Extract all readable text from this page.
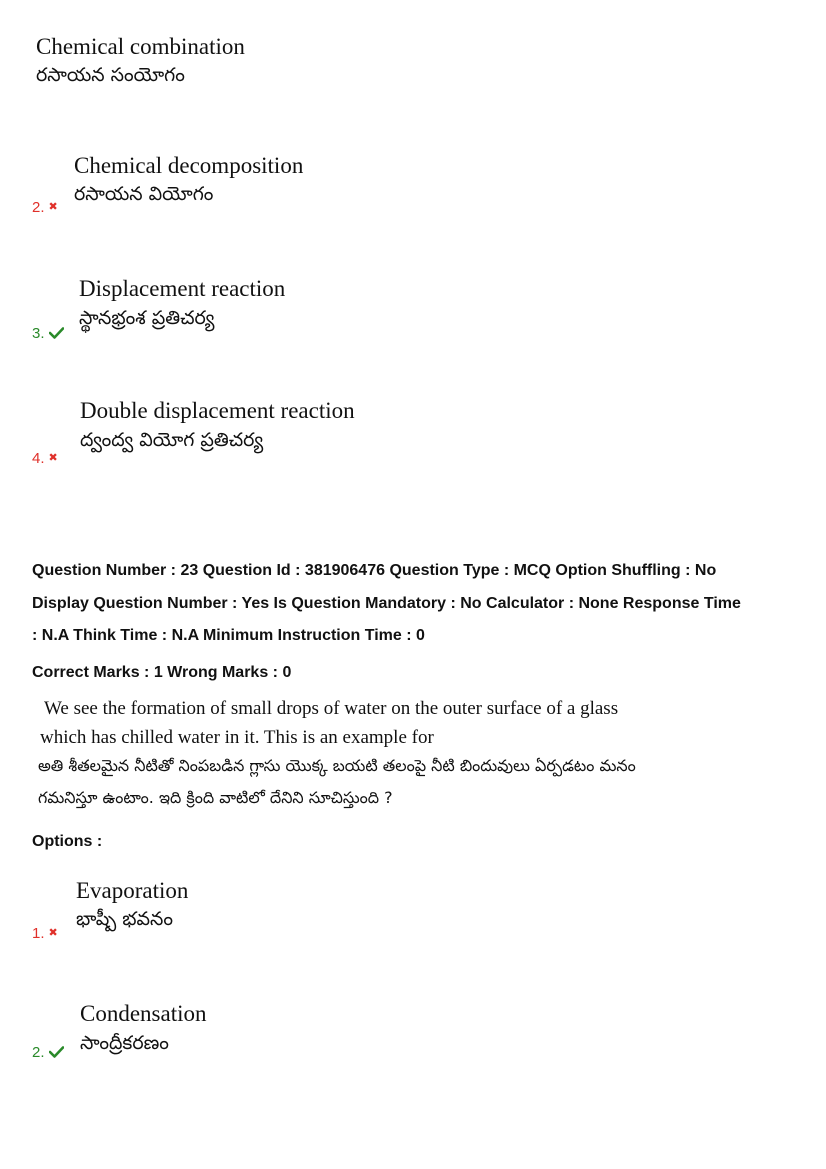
Chemical combination
రసాయన సంయోగం
2. ✖
Chemical decomposition
రసాయన వియోగం
3.
Displacement reaction
స్థానభ్రంశ ప్రతిచర్య
4. ✖
Double displacement reaction
ద్వంద్వ వియోగ ప్రతిచర్య
Question Number : 23 Question Id : 381906476 Question Type : MCQ Option Shuffling : No
Display Question Number : Yes Is Question Mandatory : No Calculator : None Response Time
: N.A Think Time : N.A Minimum Instruction Time : 0
Correct Marks : 1 Wrong Marks : 0
We see the formation of small drops of water on the outer surface of a glass
which has chilled water in it. This is an example for
అతి శీతలమైన నీటితో నింపబడిన గ్లాసు యొక్క బయటి తలంపై నీటి బిందువులు ఏర్పడటం మనం
గమనిస్తూ ఉంటాం. ఇది క్రింది వాటిలో దేనిని సూచిస్తుంది ?
Options :
1. ✖
Evaporation
భాష్పీ భవనం
2.
Condensation
సాంద్రీకరణం
